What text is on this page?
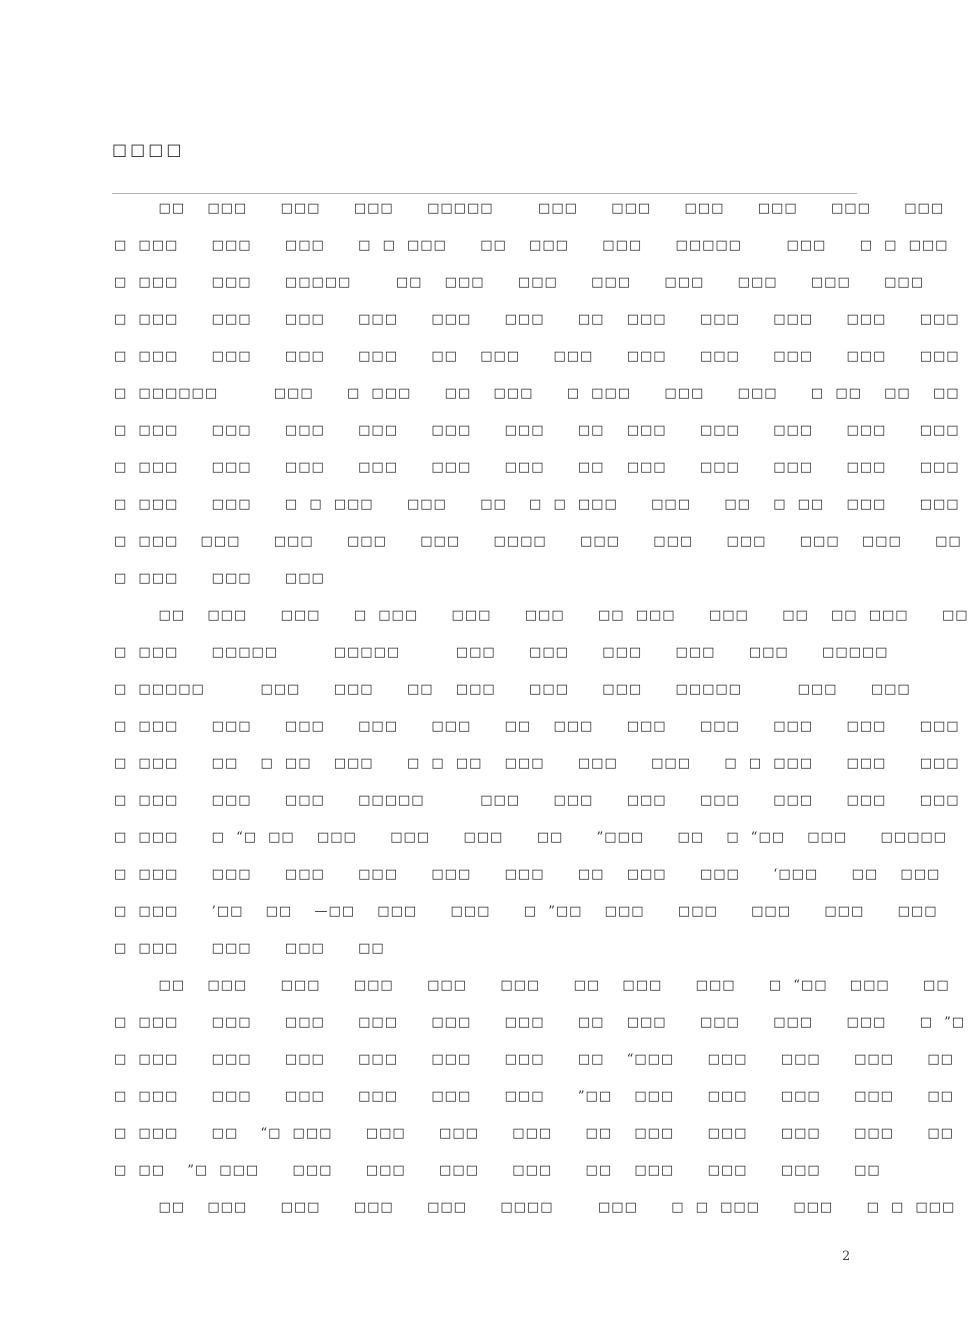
□□□□
□□  □□□   □□□   □□□   □□□□□    □□□   □□□   □□□   □□□   □□□   □□□
□ □□□   □□□   □□□   □ □ □□□   □□  □□□   □□□   □□□□□    □□□   □ □ □□□
□ □□□   □□□   □□□□□    □□  □□□   □□□   □□□   □□□   □□□   □□□   □□□
□ □□□   □□□   □□□   □□□   □□□   □□□   □□  □□□   □□□   □□□   □□□   □□□
□ □□□   □□□   □□□   □□□   □□  □□□   □□□   □□□   □□□   □□□   □□□   □□□
□ □□□□□□     □□□   □ □□□   □□  □□□   □ □□□   □□□   □□□   □ □□  □□  □□
□ □□□   □□□   □□□   □□□   □□□   □□□   □□  □□□   □□□   □□□   □□□   □□□
□ □□□   □□□   □□□   □□□   □□□   □□□   □□  □□□   □□□   □□□   □□□   □□□
□ □□□   □□□   □ □ □□□   □□□   □□  □ □ □□□   □□□   □□  □ □□  □□□   □□□
□ □□□  □□□   □□□   □□□   □□□   □□□□   □□□   □□□   □□□   □□□  □□□   □□
□ □□□   □□□   □□□
□□  □□□   □□□   □ □□□   □□□   □□□   □□ □□□   □□□   □□  □□ □□□   □□
□ □□□   □□□□□     □□□□□     □□□   □□□   □□□   □□□   □□□   □□□□□
□ □□□□□     □□□   □□□   □□  □□□   □□□   □□□   □□□□□     □□□   □□□
□ □□□   □□□   □□□   □□□   □□□   □□  □□□   □□□   □□□   □□□   □□□   □□□
□ □□□   □□  □ □□  □□□   □ □ □□  □□□   □□□   □□□   □ □ □□□   □□□   □□□
□ □□□   □□□   □□□   □□□□□     □□□   □□□   □□□   □□□   □□□   □□□   □□□
□ □□□   □ “□ □□  □□□   □□□   □□□   □□   ”□□□   □□  □ “□□  □□□   □□□□□
□ □□□   □□□   □□□   □□□   □□□   □□□   □□  □□□   □□□   ‘□□□   □□  □□□
□ □□□   ’□□  □□  —□□  □□□   □□□   □ ”□□  □□□   □□□   □□□   □□□   □□□
□ □□□   □□□   □□□   □□
□□  □□□   □□□   □□□   □□□   □□□   □□  □□□   □□□   □ “□□  □□□   □□
□ □□□   □□□   □□□   □□□   □□□   □□□   □□  □□□   □□□   □□□   □□□   □ ”□
□ □□□   □□□   □□□   □□□   □□□   □□□   □□  “□□□   □□□   □□□   □□□   □□
□ □□□   □□□   □□□   □□□   □□□   □□□   ”□□  □□□   □□□   □□□   □□□   □□
□ □□□   □□  “□ □□□   □□□   □□□   □□□   □□  □□□   □□□   □□□   □□□   □□
□ □□  ”□ □□□   □□□   □□□   □□□   □□□   □□  □□□   □□□   □□□   □□
□□  □□□   □□□   □□□   □□□   □□□□    □□□   □ □ □□□   □□□   □ □ □□□
2
